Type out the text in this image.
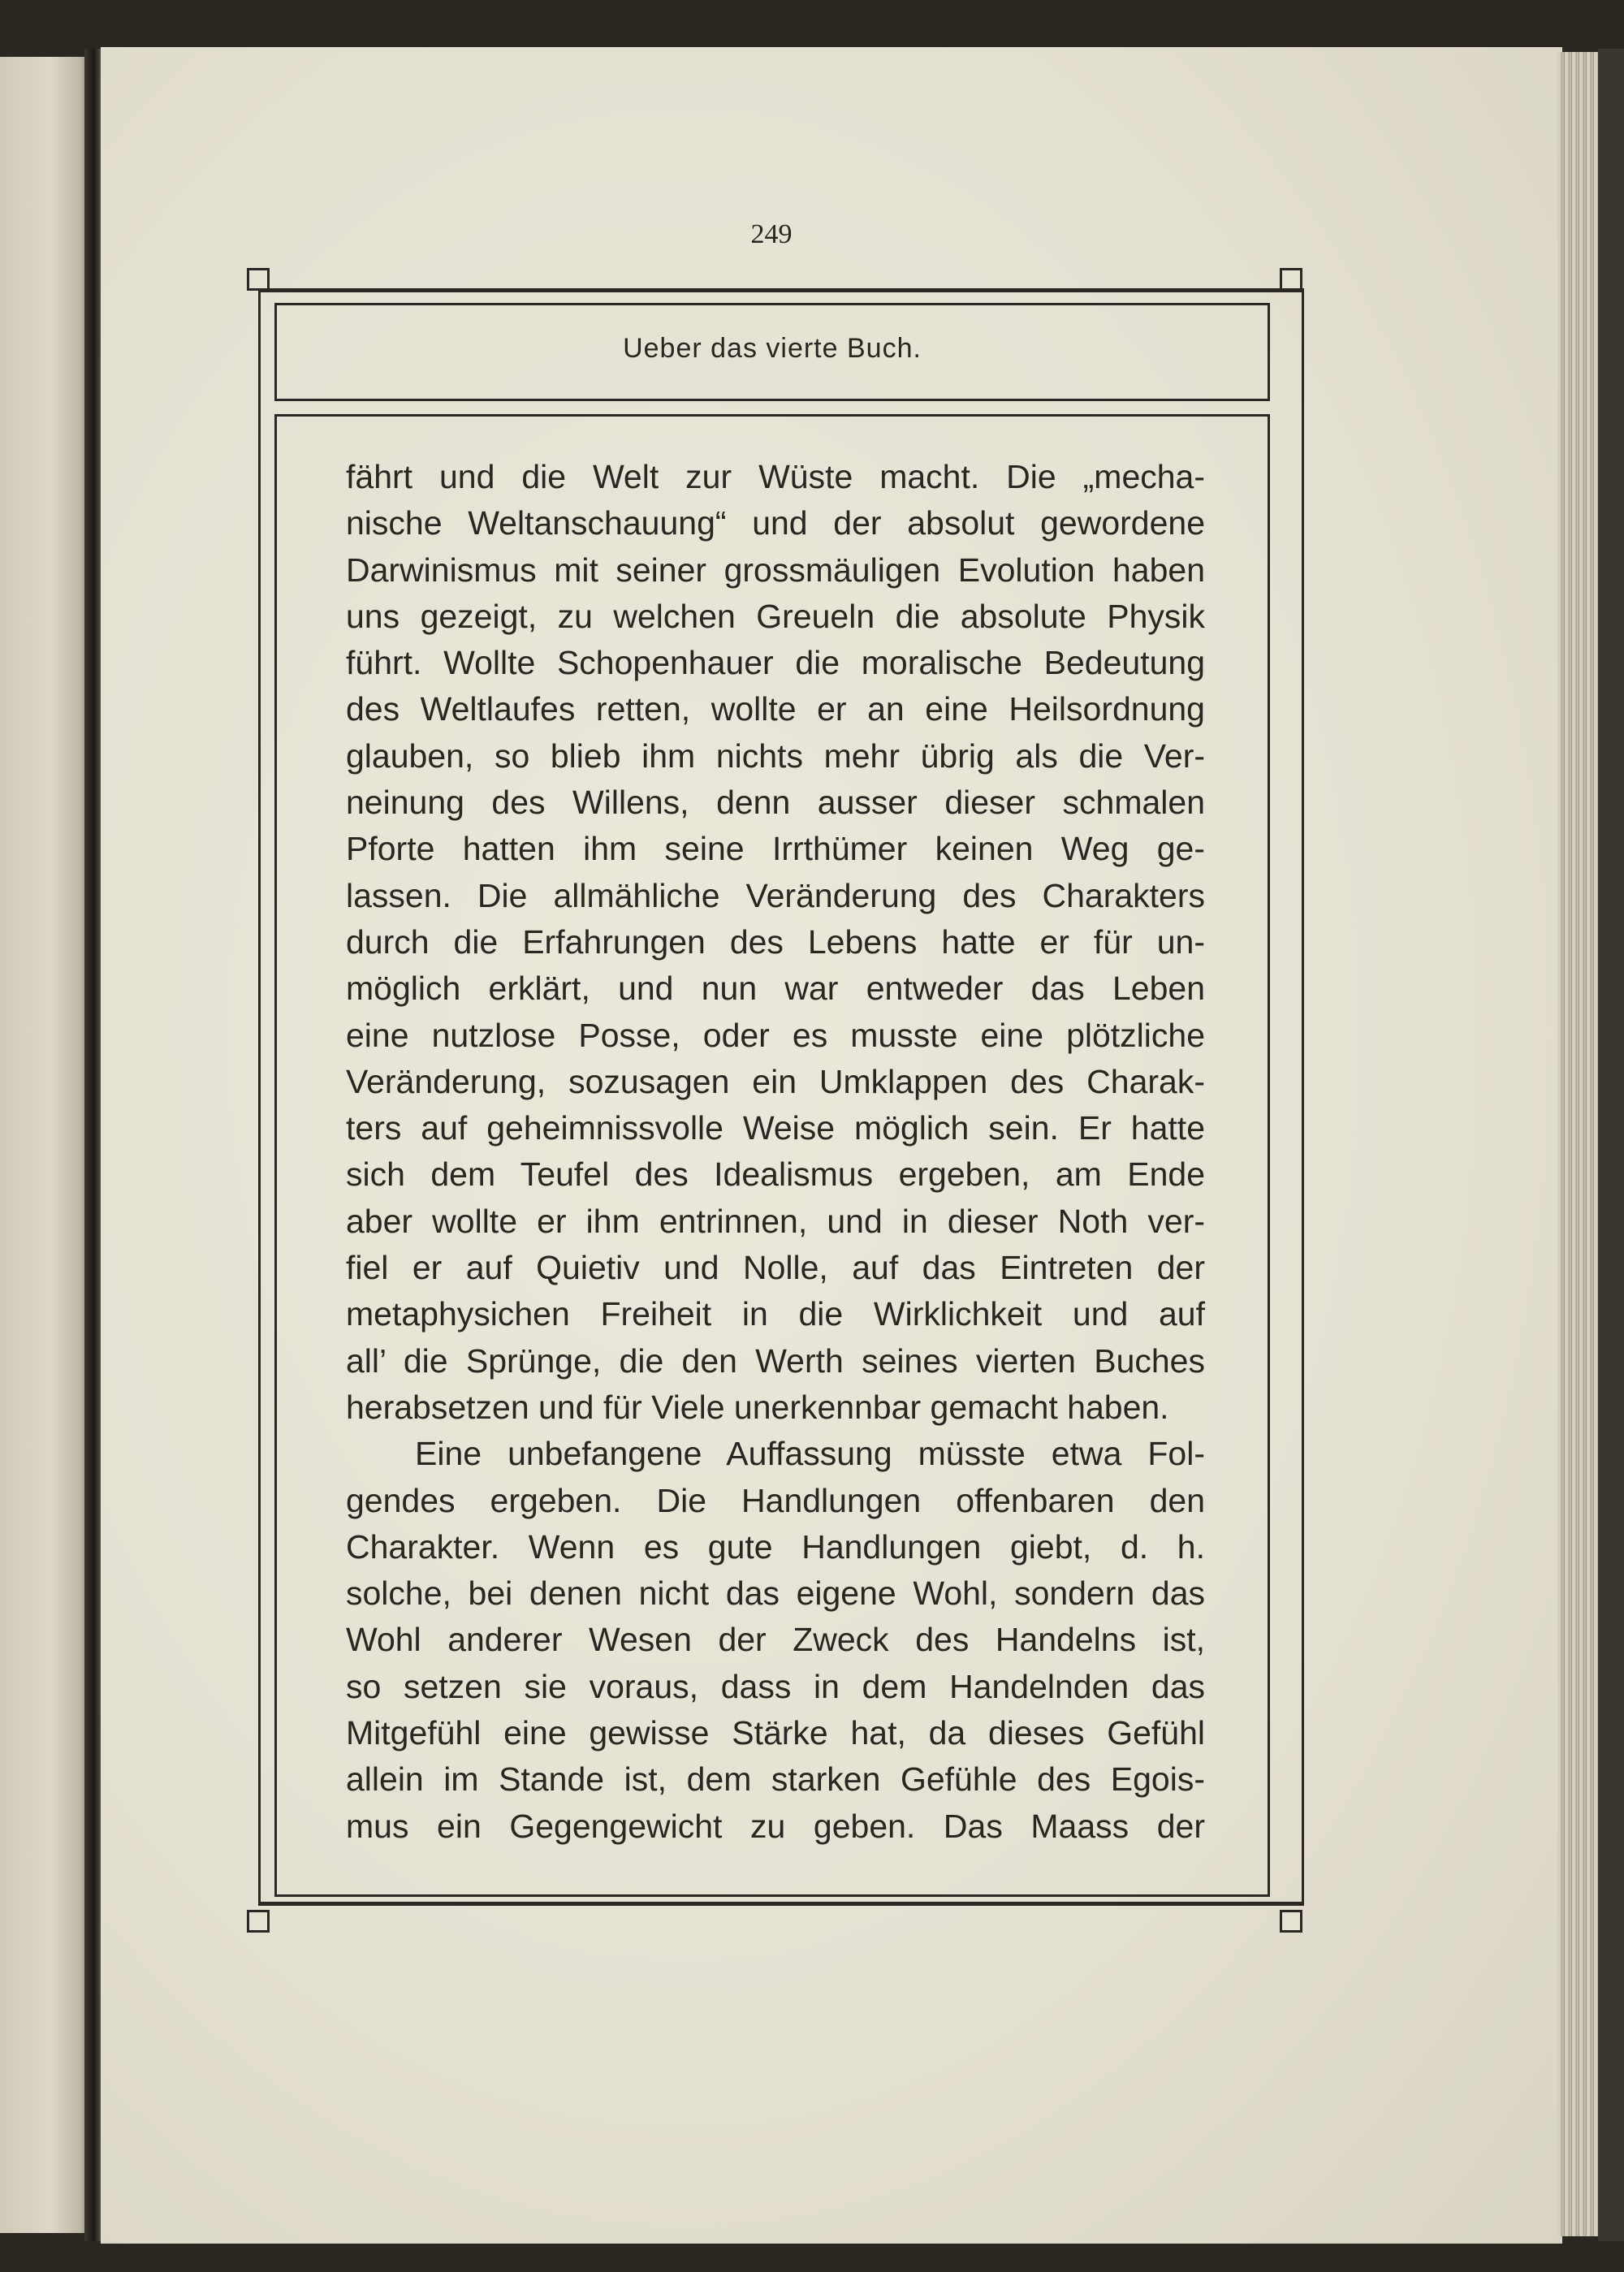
249
Ueber das vierte Buch.
fährt und die Welt zur Wüste macht. Die „mecha-
nische Weltanschauung“ und der absolut gewordene
Darwinismus mit seiner grossmäuligen Evolution haben
uns gezeigt, zu welchen Greueln die absolute Physik
führt. Wollte Schopenhauer die moralische Bedeutung
des Weltlaufes retten, wollte er an eine Heilsordnung
glauben, so blieb ihm nichts mehr übrig als die Ver-
neinung des Willens, denn ausser dieser schmalen
Pforte hatten ihm seine Irrthümer keinen Weg ge-
lassen. Die allmähliche Veränderung des Charakters
durch die Erfahrungen des Lebens hatte er für un-
möglich erklärt, und nun war entweder das Leben
eine nutzlose Posse, oder es musste eine plötzliche
Veränderung, sozusagen ein Umklappen des Charak-
ters auf geheimnissvolle Weise möglich sein. Er hatte
sich dem Teufel des Idealismus ergeben, am Ende
aber wollte er ihm entrinnen, und in dieser Noth ver-
fiel er auf Quietiv und Nolle, auf das Eintreten der
metaphysichen Freiheit in die Wirklichkeit und auf
all’ die Sprünge, die den Werth seines vierten Buches
herabsetzen und für Viele unerkennbar gemacht haben.
Eine unbefangene Auffassung müsste etwa Fol-
gendes ergeben. Die Handlungen offenbaren den
Charakter. Wenn es gute Handlungen giebt, d. h.
solche, bei denen nicht das eigene Wohl, sondern das
Wohl anderer Wesen der Zweck des Handelns ist,
so setzen sie voraus, dass in dem Handelnden das
Mitgefühl eine gewisse Stärke hat, da dieses Gefühl
allein im Stande ist, dem starken Gefühle des Egois-
mus ein Gegengewicht zu geben. Das Maass der
